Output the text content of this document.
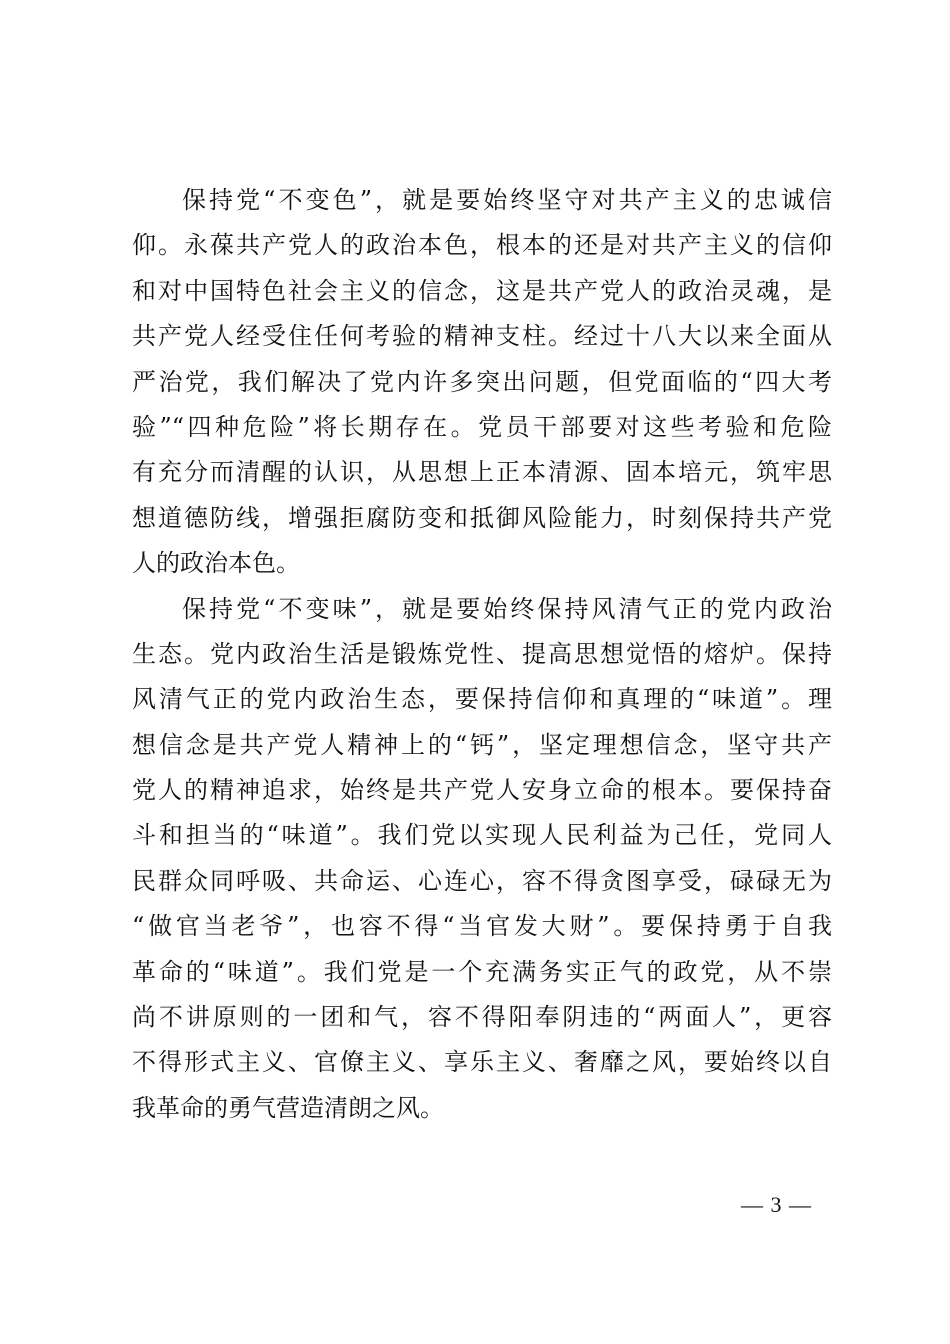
保持党“不变色”，就是要始终坚守对共产主义的忠诚信
仰。永葆共产党人的政治本色，根本的还是对共产主义的信仰
和对中国特色社会主义的信念，这是共产党人的政治灵魂，是
共产党人经受住任何考验的精神支柱。经过十八大以来全面从
严治党，我们解决了党内许多突出问题，但党面临的“四大考
验”“四种危险”将长期存在。党员干部要对这些考验和危险
有充分而清醒的认识，从思想上正本清源、固本培元，筑牢思
想道德防线，增强拒腐防变和抵御风险能力，时刻保持共产党
人的政治本色。
保持党“不变味”，就是要始终保持风清气正的党内政治
生态。党内政治生活是锻炼党性、提高思想觉悟的熔炉。保持
风清气正的党内政治生态，要保持信仰和真理的“味道”。理
想信念是共产党人精神上的“钙”，坚定理想信念，坚守共产
党人的精神追求，始终是共产党人安身立命的根本。要保持奋
斗和担当的“味道”。我们党以实现人民利益为己任，党同人
民群众同呼吸、共命运、心连心，容不得贪图享受，碌碌无为
“做官当老爷”，也容不得“当官发大财”。要保持勇于自我
革命的“味道”。我们党是一个充满务实正气的政党，从不崇
尚不讲原则的一团和气，容不得阳奉阴违的“两面人”，更容
不得形式主义、官僚主义、享乐主义、奢靡之风，要始终以自
我革命的勇气营造清朗之风。
— 3 —
